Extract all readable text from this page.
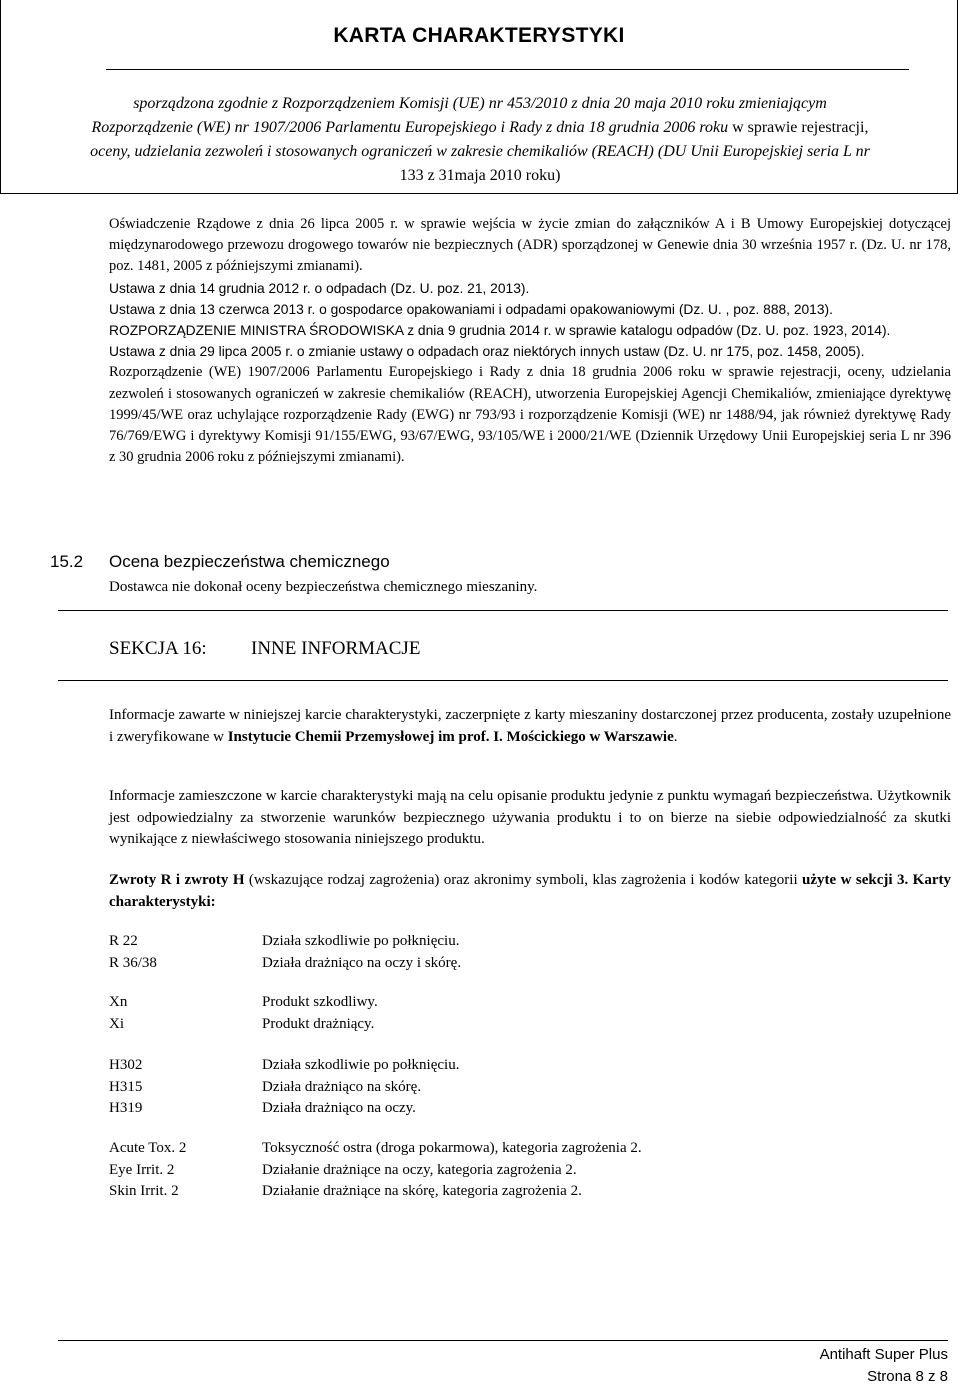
KARTA CHARAKTERYSTYKI
sporządzona zgodnie z Rozporządzeniem Komisji (UE) nr 453/2010 z dnia 20 maja 2010 roku zmieniającym
Rozporządzenie (WE) nr 1907/2006 Parlamentu Europejskiego i Rady z dnia 18 grudnia 2006 roku w sprawie rejestracji,
oceny, udzielania zezwoleń i stosowanych ograniczeń w zakresie chemikaliów (REACH) (DU Unii Europejskiej seria L nr
133 z 31maja 2010 roku)

Oświadczenie Rządowe z dnia 26 lipca 2005 r. w sprawie wejścia w życie zmian do załączników A i B Umowy Europejskiej dotyczącej międzynarodowego przewozu drogowego towarów nie bezpiecznych (ADR) sporządzonej w Genewie dnia 30 września 1957 r. (Dz. U. nr 178, poz. 1481, 2005 z późniejszymi zmianami).

Ustawa z dnia 14 grudnia 2012 r. o odpadach (Dz. U. poz. 21, 2013).

Ustawa z dnia 13 czerwca 2013 r. o gospodarce opakowaniami i odpadami opakowaniowymi (Dz. U. , poz. 888, 2013).

ROZPORZĄDZENIE MINISTRA ŚRODOWISKA z dnia 9 grudnia 2014 r. w sprawie katalogu odpadów (Dz. U. poz. 1923, 2014).

Ustawa z dnia 29 lipca 2005 r. o zmianie ustawy o odpadach oraz niektórych innych ustaw (Dz. U. nr 175, poz. 1458, 2005).

Rozporządzenie (WE) 1907/2006 Parlamentu Europejskiego i Rady z dnia 18 grudnia 2006 roku w sprawie rejestracji, oceny, udzielania zezwoleń i stosowanych ograniczeń w zakresie chemikaliów (REACH), utworzenia Europejskiej Agencji Chemikaliów, zmieniające dyrektywę 1999/45/WE oraz uchylające rozporządzenie Rady (EWG) nr 793/93 i rozporządzenie Komisji (WE) nr 1488/94, jak również dyrektywę Rady 76/769/EWG i dyrektywy Komisji 91/155/EWG, 93/67/EWG, 93/105/WE i 2000/21/WE (Dziennik Urzędowy Unii Europejskiej seria L nr 396 z 30 grudnia 2006 roku z późniejszymi zmianami).

15.2 Ocena bezpieczeństwa chemicznego
Dostawca nie dokonał oceny bezpieczeństwa chemicznego mieszaniny.
SEKCJA 16: INNE INFORMACJE

Informacje zawarte w niniejszej karcie charakterystyki, zaczerpnięte z karty mieszaniny dostarczonej przez producenta, zostały uzupełnione i zweryfikowane w Instytucie Chemii Przemysłowej im prof. I. Mościckiego w Warszawie.

Informacje zamieszczone w karcie charakterystyki mają na celu opisanie produktu jedynie z punktu wymagań bezpieczeństwa. Użytkownik jest odpowiedzialny za stworzenie warunków bezpiecznego używania produktu i to on bierze na siebie odpowiedzialność za skutki wynikające z niewłaściwego stosowania niniejszego produktu.

Zwroty R i zwroty H (wskazujące rodzaj zagrożenia) oraz akronimy symboli, klas zagrożenia i kodów kategorii użyte w sekcji 3. Karty charakterystyki:

R 22	Działa szkodliwie po połknięciu.
R 36/38	Działa drażniąco na oczy i skórę.
Xn	Produkt szkodliwy.
Xi	Produkt drażniący.
H302	Działa szkodliwie po połknięciu.
H315	Działa drażniąco na skórę.
H319	Działa drażniąco na oczy.
Acute Tox. 2	Toksyczność ostra (droga pokarmowa), kategoria zagrożenia 2.
Eye Irrit. 2	Działanie drażniące na oczy, kategoria zagrożenia 2.
Skin Irrit. 2	Działanie drażniące na skórę, kategoria zagrożenia 2.
Antihaft Super Plus
Strona 8 z 8
